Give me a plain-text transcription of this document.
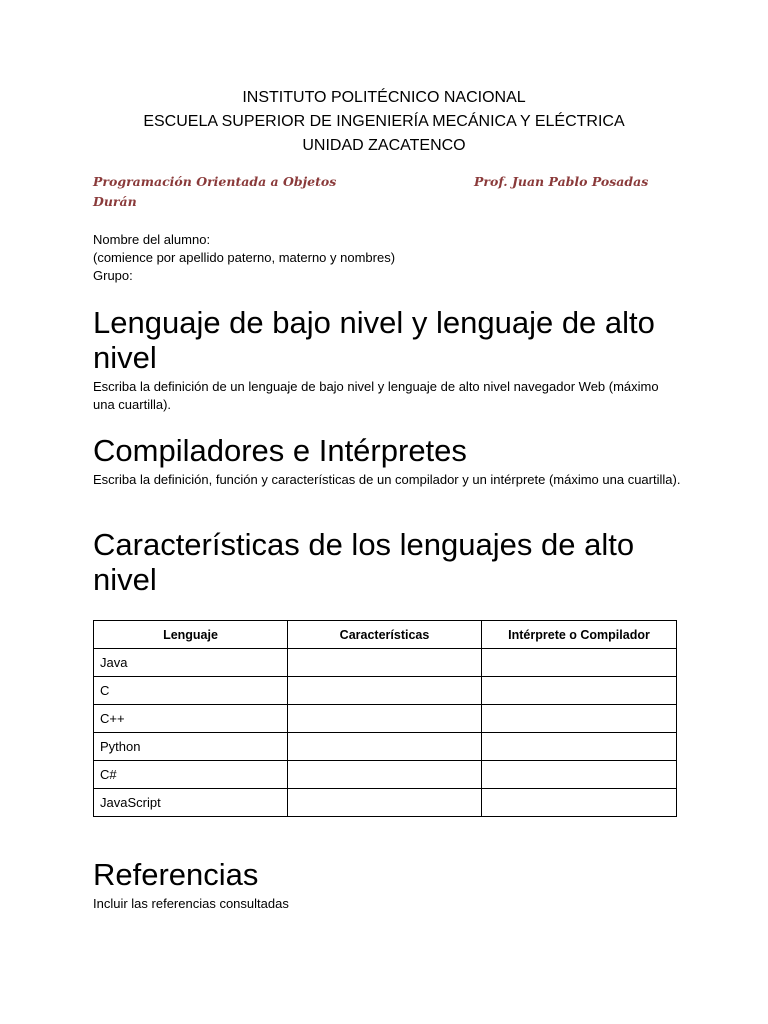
INSTITUTO POLITÉCNICO NACIONAL
ESCUELA SUPERIOR DE INGENIERÍA MECÁNICA Y ELÉCTRICA
UNIDAD ZACATENCO
Programación Orientada a Objetos	Prof. Juan Pablo Posadas
Durán
Nombre del alumno:
(comience por apellido paterno, materno y nombres)
Grupo:
Lenguaje de bajo nivel y lenguaje de alto nivel
Escriba la definición de un lenguaje de bajo nivel y lenguaje de alto nivel navegador Web (máximo una cuartilla).
Compiladores e Intérpretes
Escriba la definición, función y características de un compilador y un intérprete (máximo una cuartilla).
Características de los lenguajes de alto nivel
Lenguaje	Características	Intérprete o Compilador
Java		
C		
C++		
Python		
C#		
JavaScript		
Referencias
Incluir las referencias consultadas
